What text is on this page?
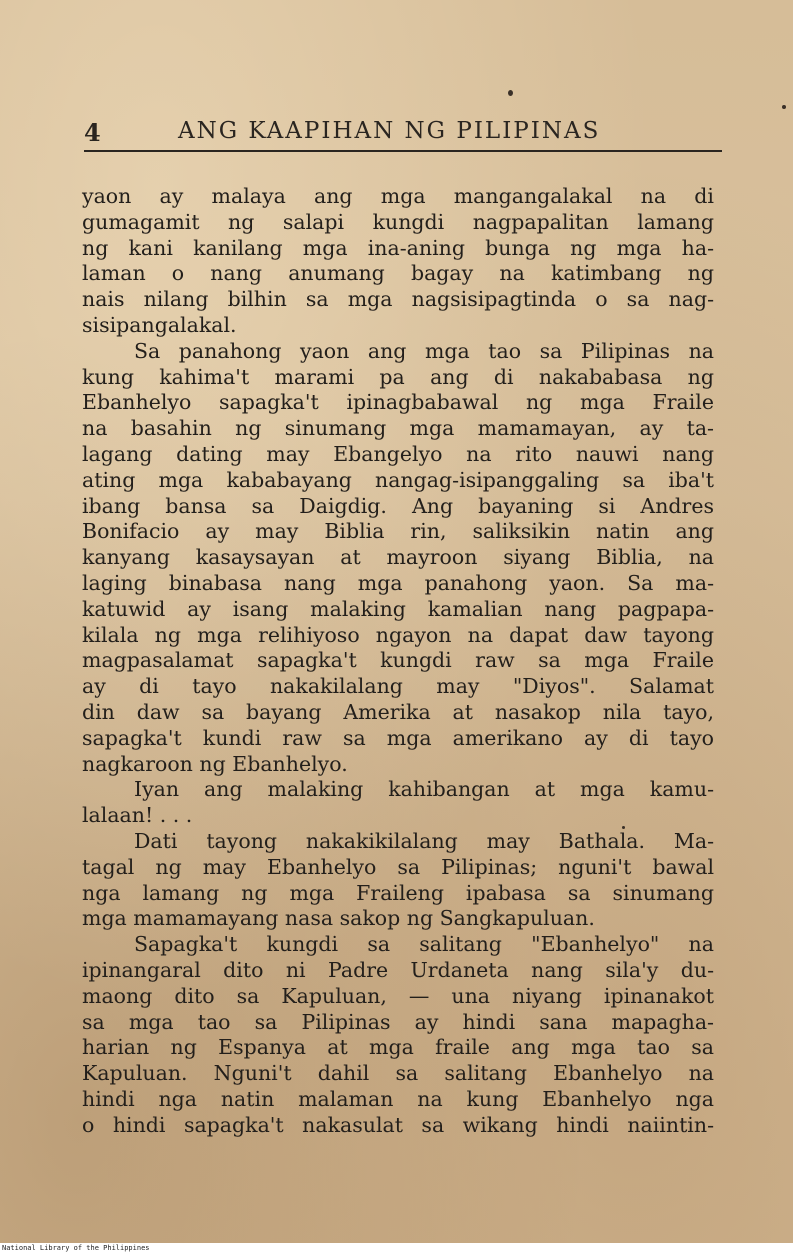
4	ANG KAAPIHAN NG PILIPINAS
yaon ay malaya ang mga mangangalakal na di
gumagamit ng salapi kungdi nagpapalitan lamang
ng kani kanilang mga ina-aning bunga ng mga ha-
laman o nang anumang bagay na katimbang ng
nais nilang bilhin sa mga nagsisipagtinda o sa nag-
sisipangalakal.
Sa panahong yaon ang mga tao sa Pilipinas na
kung kahima't marami pa ang di nakababasa ng
Ebanhelyo sapagka't ipinagbabawal ng mga Fraile
na basahin ng sinumang mga mamamayan, ay ta-
lagang dating may Ebangelyo na rito nauwi nang
ating mga kababayang nangag-isipanggaling sa iba't
ibang bansa sa Daigdig. Ang bayaning si Andres
Bonifacio ay may Biblia rin, saliksikin natin ang
kanyang kasaysayan at mayroon siyang Biblia, na
laging binabasa nang mga panahong yaon. Sa ma-
katuwid ay isang malaking kamalian nang pagpapa-
kilala ng mga relihiyoso ngayon na dapat daw tayong
magpasalamat sapagka't kungdi raw sa mga Fraile
ay di tayo nakakilalang may "Diyos". Salamat
din daw sa bayang Amerika at nasakop nila tayo,
sapagka't kundi raw sa mga amerikano ay di tayo
nagkaroon ng Ebanhelyo.
Iyan ang malaking kahibangan at mga kamu-
lalaan! . . .
Dati tayong nakakikilalang may Bathala. Ma-
tagal ng may Ebanhelyo sa Pilipinas; nguni't bawal
nga lamang ng mga Fraileng ipabasa sa sinumang
mga mamamayang nasa sakop ng Sangkapuluan.
Sapagka't kungdi sa salitang "Ebanhelyo" na
ipinangaral dito ni Padre Urdaneta nang sila'y du-
maong dito sa Kapuluan, — una niyang ipinanakot
sa mga tao sa Pilipinas ay hindi sana mapagha-
harian ng Espanya at mga fraile ang mga tao sa
Kapuluan. Nguni't dahil sa salitang Ebanhelyo na
hindi nga natin malaman na kung Ebanhelyo nga
o hindi sapagka't nakasulat sa wikang hindi naiintin-
National Library of the Philippines
